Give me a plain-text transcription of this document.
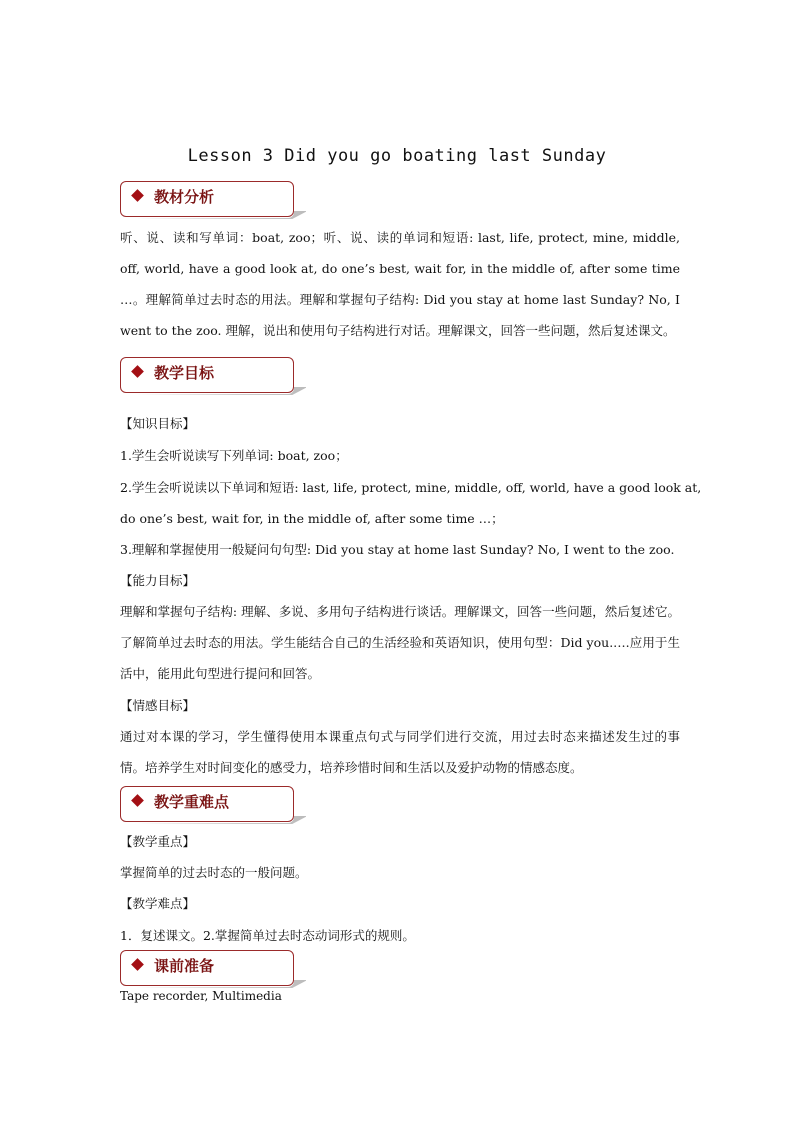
Lesson 3 Did you go boating last Sunday
教材分析
听、说、读和写单词：boat, zoo；听、说、读的单词和短语: last, life, protect, mine, middle, off, world, have a good look at, do one’s best, wait for, in the middle of, after some time …。理解简单过去时态的用法。理解和掌握句子结构: Did you stay at home last Sunday? No, I went to the zoo. 理解，说出和使用句子结构进行对话。理解课文，回答一些问题，然后复述课文。
教学目标
【知识目标】
1.学生会听说读写下列单词: boat, zoo；
2.学生会听说读以下单词和短语: last, life, protect, mine, middle, off, world, have a good look at,
do one’s best, wait for, in the middle of, after some time …；
3.理解和掌握使用一般疑问句句型: Did you stay at home last Sunday? No, I went to the zoo.
【能力目标】
理解和掌握句子结构: 理解、多说、多用句子结构进行谈话。理解课文，回答一些问题，然后复述它。了解简单过去时态的用法。学生能结合自己的生活经验和英语知识，使用句型：Did you.….应用于生活中，能用此句型进行提问和回答。
【情感目标】
通过对本课的学习，学生懂得使用本课重点句式与同学们进行交流，用过去时态来描述发生过的事情。培养学生对时间变化的感受力，培养珍惜时间和生活以及爱护动物的情感态度。
教学重难点
【教学重点】
掌握简单的过去时态的一般问题。
【教学难点】
1．复述课文。2.掌握简单过去时态动词形式的规则。
课前准备
Tape recorder, Multimedia
